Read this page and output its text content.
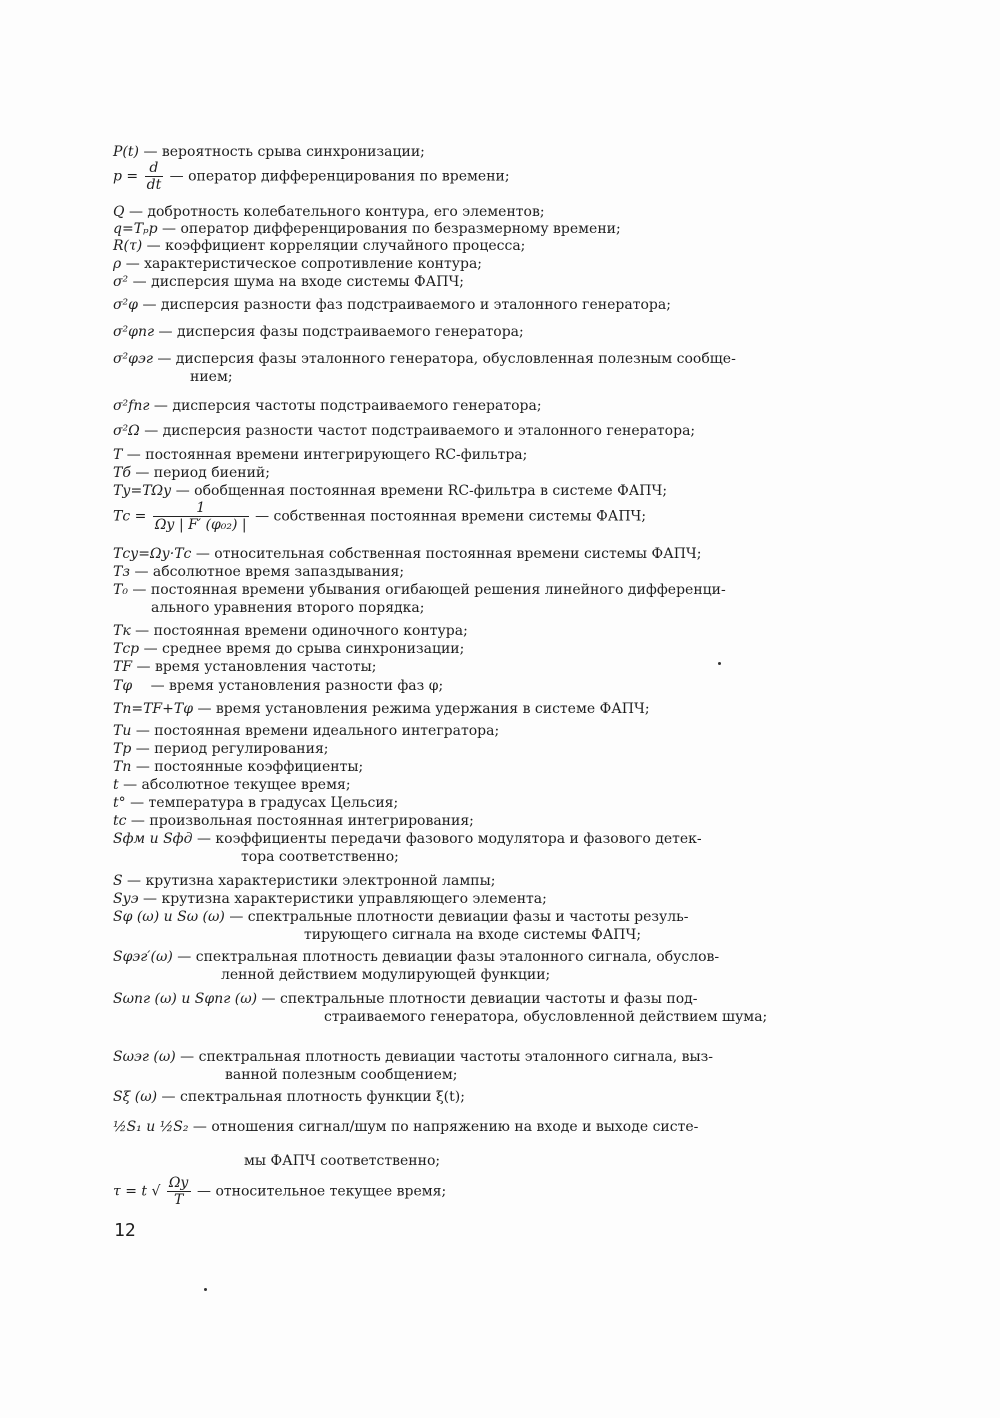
P(t) — вероятность срыва синхронизации;
$p = \frac{d}{dt}$ — оператор дифференцирования по времени;
Q — добротность колебательного контура, его элементов;
q=Tₚp — оператор дифференцирования по безразмерному времени;
R(τ) — коэффициент корреляции случайного процесса;
ρ — характеристическое сопротивление контура;
σ² — дисперсия шума на входе системы ФАПЧ;
σ²φ — дисперсия разности фаз подстраиваемого и эталонного генератора;
σ²φпг — дисперсия фазы подстраиваемого генератора;
σ²φэг — дисперсия фазы эталонного генератора, обусловленная полезным сообще-
нием;
σ²fпг — дисперсия частоты подстраиваемого генератора;
σ²Ω — дисперсия разности частот подстраиваемого и эталонного генератора;
T — постоянная времени интегрирующего RC-фильтра;
Tб — период биений;
Tу=TΩу — обобщенная постоянная времени RC-фильтра в системе ФАПЧ;
Tс = $\frac{1}{\text{Ωу | F′ (φ₀₂) |}}$ — собственная постоянная времени системы ФАПЧ;
Tсу=Ωу·Tс — относительная собственная постоянная времени системы ФАПЧ;
Tз — абсолютное время запаздывания;
T₀ — постоянная времени убывания огибающей решения линейного дифференци-
ального уравнения второго порядка;
Tк — постоянная времени одиночного контура;
Tср — среднее время до срыва синхронизации;
TF — время установления частоты;
Tφ — время установления разности фаз φ;
Tп=TF+Tφ — время установления режима удержания в системе ФАПЧ;
Tи — постоянная времени идеального интегратора;
Tр — период регулирования;
Tп — постоянные коэффициенты;
t — абсолютное текущее время;
t° — температура в градусах Цельсия;
tс — произвольная постоянная интегрирования;
Sфм и Sфд — коэффициенты передачи фазового модулятора и фазового детек-
тора соответственно;
S — крутизна характеристики электронной лампы;
Sуэ — крутизна характеристики управляющего элемента;
Sφ (ω) и Sω (ω) — спектральные плотности девиации фазы и частоты резуль-
тирующего сигнала на входе системы ФАПЧ;
Sφэг′(ω) — спектральная плотность девиации фазы эталонного сигнала, обуслов-
ленной действием модулирующей функции;
Sωпг (ω) и Sφпг (ω) — спектральные плотности девиации частоты и фазы под-
страиваемого генератора, обусловленной действием шума;
Sωэг (ω) — спектральная плотность девиации частоты эталонного сигнала, выз-
ванной полезным сообщением;
Sξ (ω) — спектральная плотность функции ξ(t);
½S₁ и ½S₂ — отношения сигнал/шум по напряжению на входе и выходе систе-
мы ФАПЧ соответственно;
τ = t √ $\frac{\Omega у}{T}$ — относительное текущее время;
12
